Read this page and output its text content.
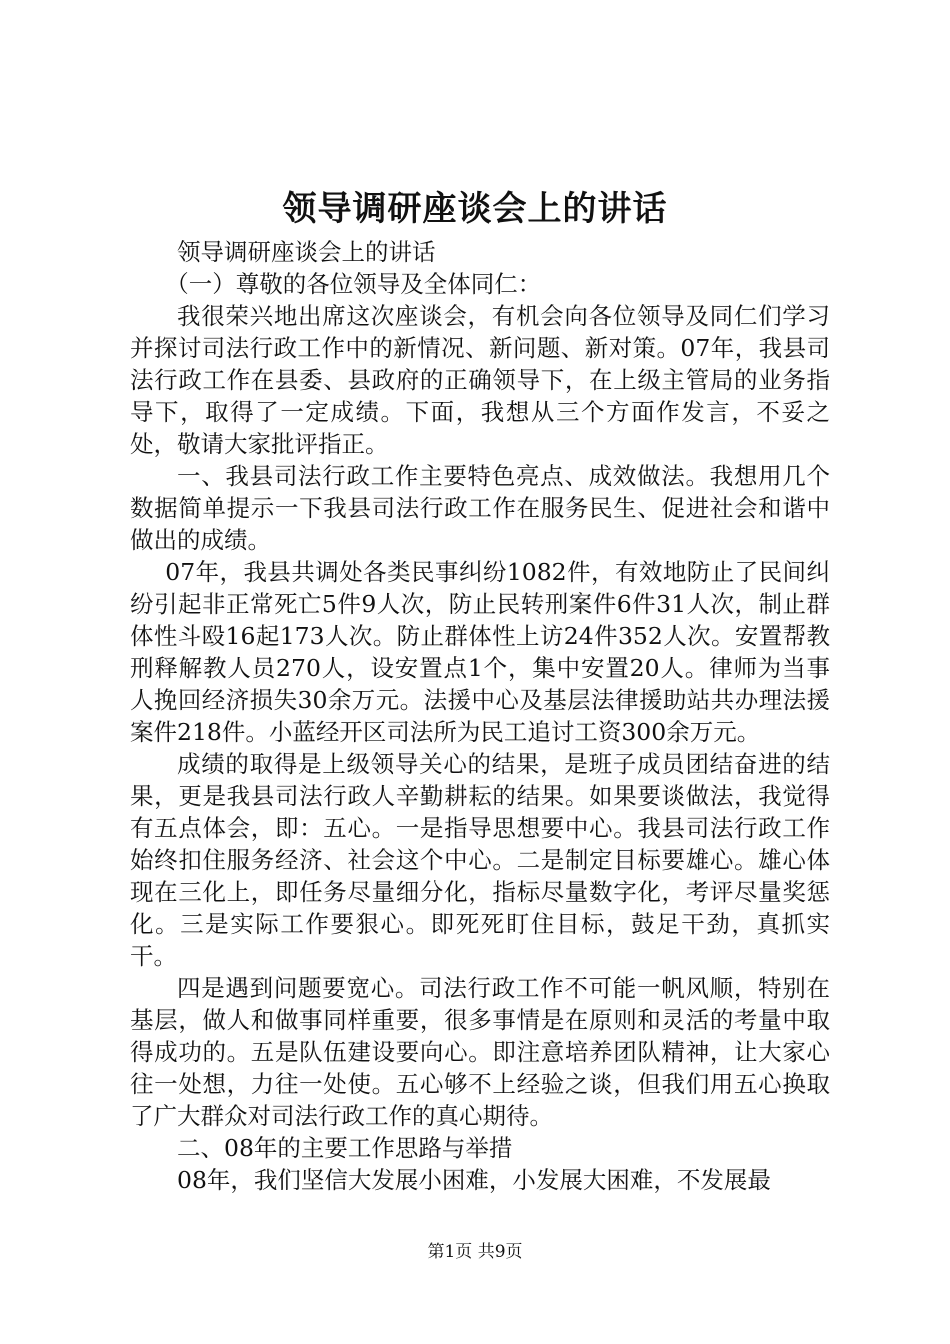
领导调研座谈会上的讲话

领导调研座谈会上的讲话

（一）尊敬的各位领导及全体同仁：

我很荣兴地出席这次座谈会，有机会向各位领导及同仁们学习并探讨司法行政工作中的新情况、新问题、新对策。07年，我县司法行政工作在县委、县政府的正确领导下，在上级主管局的业务指导下，取得了一定成绩。下面，我想从三个方面作发言，不妥之处，敬请大家批评指正。

一、我县司法行政工作主要特色亮点、成效做法。我想用几个数据简单提示一下我县司法行政工作在服务民生、促进社会和谐中做出的成绩。

07年，我县共调处各类民事纠纷1082件，有效地防止了民间纠纷引起非正常死亡5件9人次，防止民转刑案件6件31人次，制止群体性斗殴16起173人次。防止群体性上访24件352人次。安置帮教刑释解教人员270人，设安置点1个，集中安置20人。律师为当事人挽回经济损失30余万元。法援中心及基层法律援助站共办理法援案件218件。小蓝经开区司法所为民工追讨工资300余万元。

成绩的取得是上级领导关心的结果，是班子成员团结奋进的结果，更是我县司法行政人辛勤耕耘的结果。如果要谈做法，我觉得有五点体会，即：五心。一是指导思想要中心。我县司法行政工作始终扣住服务经济、社会这个中心。二是制定目标要雄心。雄心体现在三化上，即任务尽量细分化，指标尽量数字化，考评尽量奖惩化。三是实际工作要狠心。即死死盯住目标，鼓足干劲，真抓实干。

四是遇到问题要宽心。司法行政工作不可能一帆风顺，特别在基层，做人和做事同样重要，很多事情是在原则和灵活的考量中取得成功的。五是队伍建设要向心。即注意培养团队精神，让大家心往一处想，力往一处使。五心够不上经验之谈，但我们用五心换取了广大群众对司法行政工作的真心期待。

二、08年的主要工作思路与举措

08年，我们坚信大发展小困难，小发展大困难，不发展最

第1页 共9页
